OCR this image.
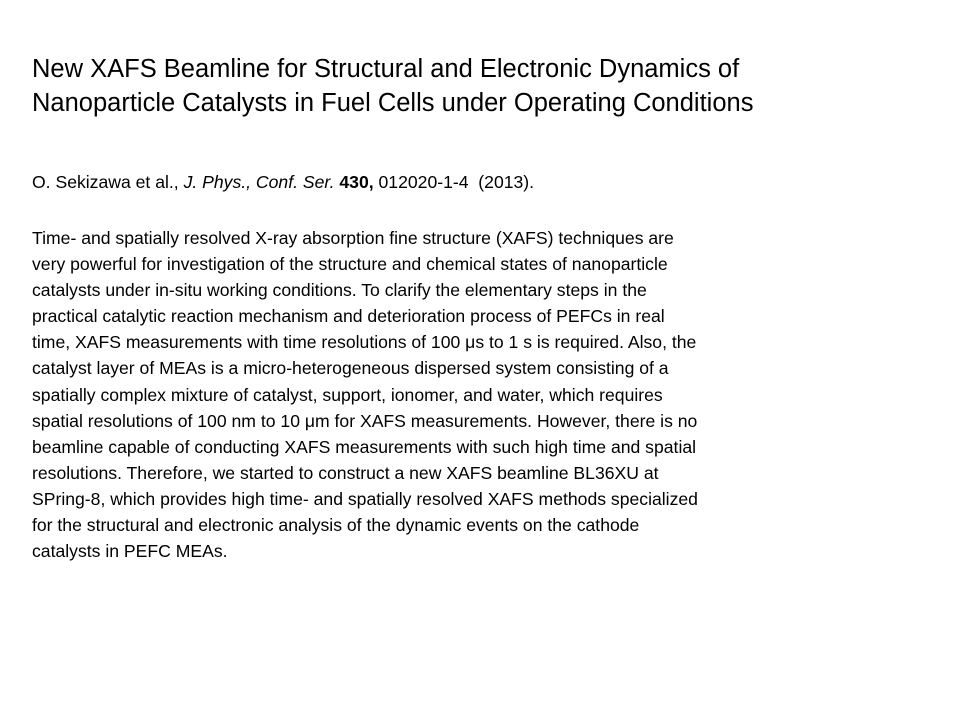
New XAFS Beamline for Structural and Electronic Dynamics of
Nanoparticle Catalysts in Fuel Cells under Operating Conditions

O. Sekizawa et al., J. Phys., Conf. Ser. 430, 012020-1-4 (2013).

Time- and spatially resolved X-ray absorption fine structure (XAFS) techniques are
very powerful for investigation of the structure and chemical states of nanoparticle
catalysts under in-situ working conditions. To clarify the elementary steps in the
practical catalytic reaction mechanism and deterioration process of PEFCs in real
time, XAFS measurements with time resolutions of 100 μs to 1 s is required. Also, the
catalyst layer of MEAs is a micro-heterogeneous dispersed system consisting of a
spatially complex mixture of catalyst, support, ionomer, and water, which requires
spatial resolutions of 100 nm to 10 μm for XAFS measurements. However, there is no
beamline capable of conducting XAFS measurements with such high time and spatial
resolutions. Therefore, we started to construct a new XAFS beamline BL36XU at
SPring-8, which provides high time- and spatially resolved XAFS methods specialized
for the structural and electronic analysis of the dynamic events on the cathode
catalysts in PEFC MEAs.
